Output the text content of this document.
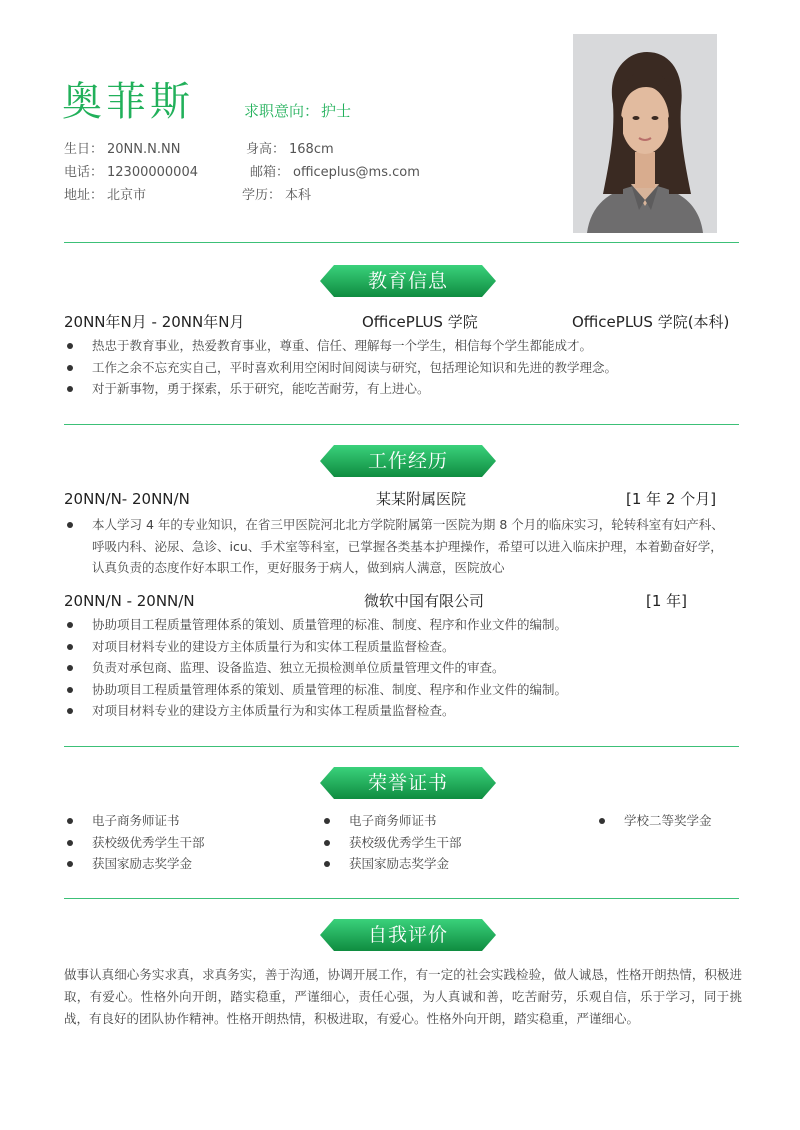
奥菲斯	求职意向： 护士
生日： 20NN.N.NN	身高： 168cm
电话： 12300000004	邮箱： officeplus@ms.com
地址： 北京市	学历： 本科
教育信息
20NN年N月 - 20NN年N月	OfficePLUS 学院	OfficePLUS 学院(本科)
热忠于教育事业，热爱教育事业，尊重、信任、理解每一个学生，相信每个学生都能成才。
工作之余不忘充实自己，平时喜欢利用空闲时间阅读与研究，包括理论知识和先进的教学理念。
对于新事物，勇于探索，乐于研究，能吃苦耐劳，有上进心。
工作经历
20NN/N- 20NN/N	某某附属医院	[1 年 2 个月]
本人学习 4 年的专业知识，在省三甲医院河北北方学院附属第一医院为期 8 个月的临床实习，轮转科室有妇产科、呼吸内科、泌尿、急诊、icu、手术室等科室，已掌握各类基本护理操作，希望可以进入临床护理，本着勤奋好学，认真负责的态度作好本职工作，更好服务于病人，做到病人满意，医院放心
20NN/N - 20NN/N	微软中国有限公司	[1 年]
协助项目工程质量管理体系的策划、质量管理的标准、制度、程序和作业文件的编制。
对项目材料专业的建设方主体质量行为和实体工程质量监督检查。
负责对承包商、监理、设备监造、独立无损检测单位质量管理文件的审查。
协助项目工程质量管理体系的策划、质量管理的标准、制度、程序和作业文件的编制。
对项目材料专业的建设方主体质量行为和实体工程质量监督检查。
荣誉证书
电子商务师证书
获校级优秀学生干部
获国家励志奖学金
电子商务师证书
获校级优秀学生干部
获国家励志奖学金
学校二等奖学金
自我评价
做事认真细心务实求真，求真务实，善于沟通，协调开展工作，有一定的社会实践检验，做人诚恳，性格开朗热情，积极进取，有爱心。性格外向开朗，踏实稳重，严谨细心，责任心强，为人真诚和善，吃苦耐劳，乐观自信，乐于学习，同于挑战，有良好的团队协作精神。性格开朗热情，积极进取，有爱心。性格外向开朗，踏实稳重，严谨细心。
